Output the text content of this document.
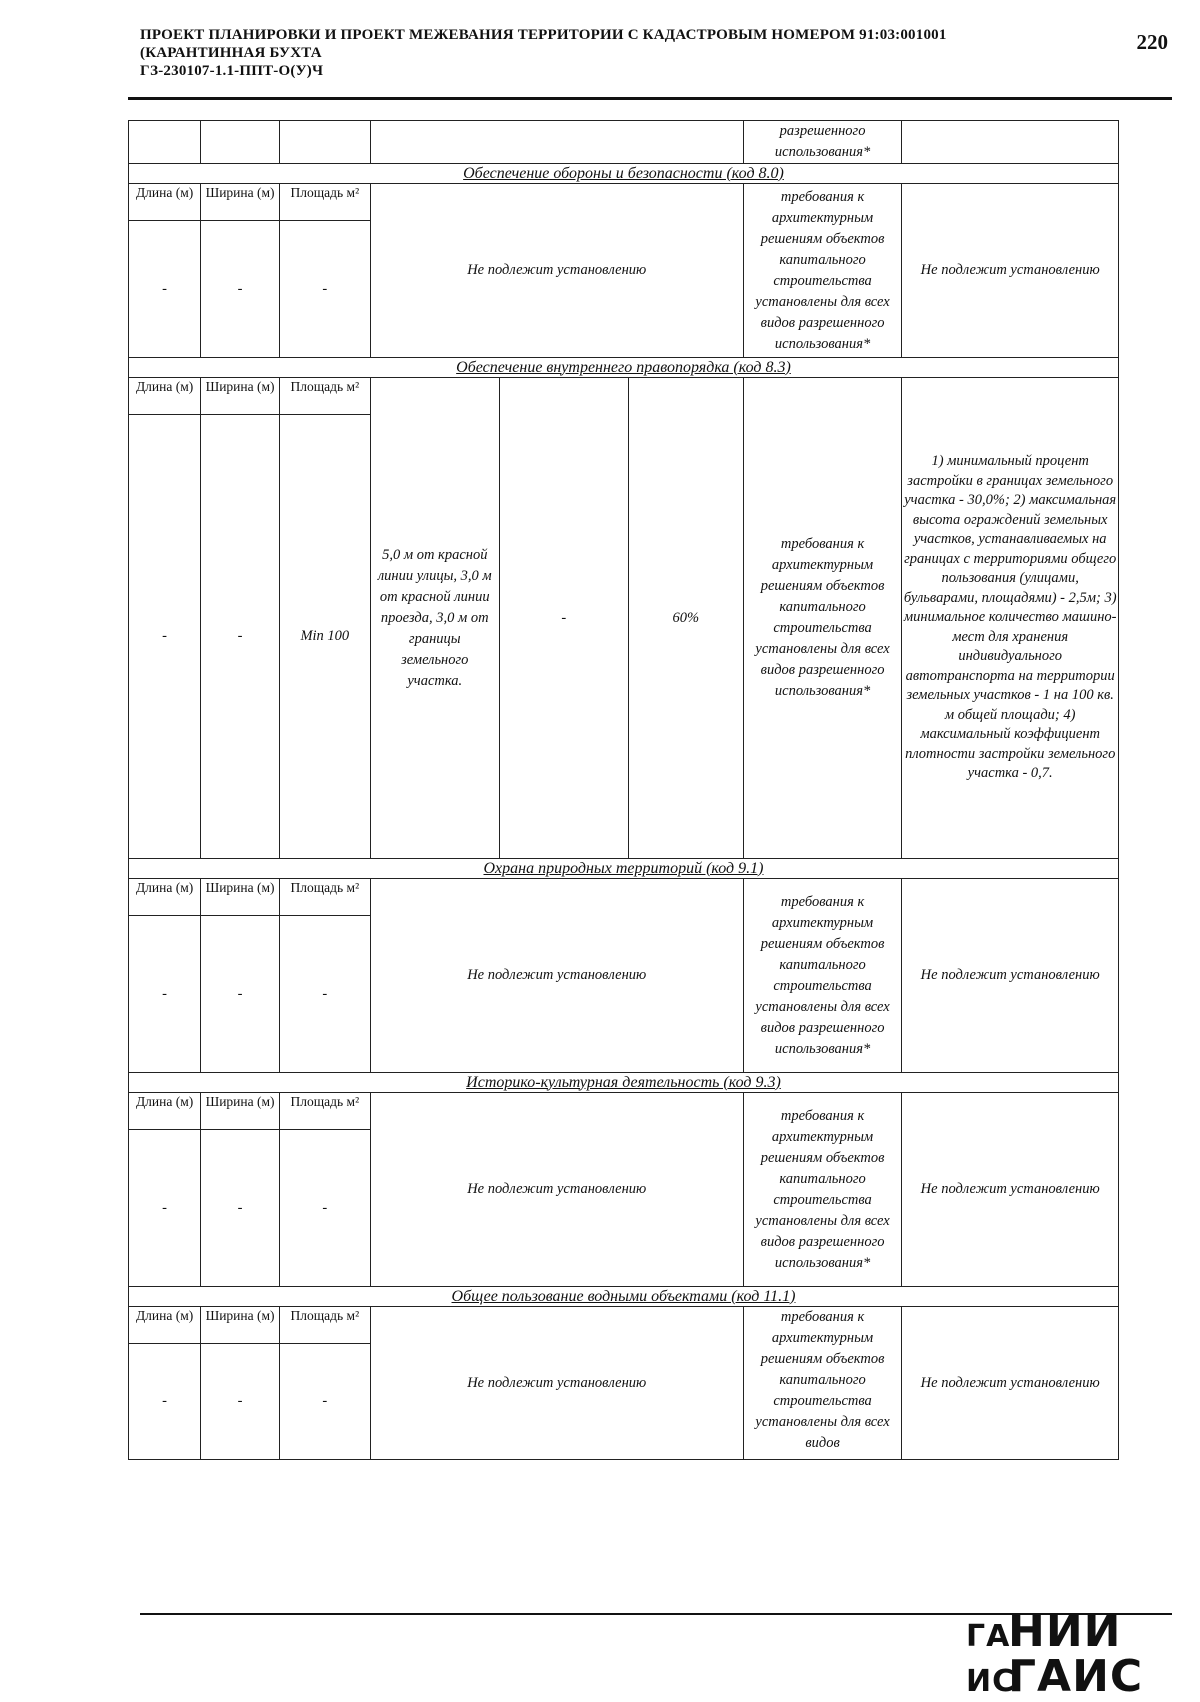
ПРОЕКТ ПЛАНИРОВКИ И ПРОЕКТ МЕЖЕВАНИЯ ТЕРРИТОРИИ С КАДАСТРОВЫМ НОМЕРОМ 91:03:001001
(КАРАНТИННАЯ БУХТА
ГЗ-230107-1.1-ППТ-О(У)Ч
220
						разрешенного использования*	
Обеспечение обороны и безопасности (код 8.0)							
Длина (м)	Ширина (м)	Площадь м²	Не подлежит установлению			требования к архитектурным решениям объектов капитального строительства установлены для всех видов разрешенного использования*	Не подлежит установлению
-	-	-					
Обеспечение внутреннего правопорядка (код 8.3)							
Длина (м)	Ширина (м)	Площадь м²	5,0 м от красной линии улицы, 3,0 м от красной линии проезда, 3,0 м от границы земельного участка.	-	60%	требования к архитектурным решениям объектов капитального строительства установлены для всех видов разрешенного использования*	1) минимальный процент застройки в границах земельного участка - 30,0%; 2) максимальная высота ограждений земельных участков, устанавливаемых на границах с территориями общего пользования (улицами, бульварами, площадями) - 2,5м; 3) минимальное количество машино-мест для хранения индивидуального автотранспорта на территории земельных участков - 1 на 100 кв. м общей площади; 4) максимальный коэффициент плотности застройки земельного участка - 0,7.
-	-	Min 100					
Охрана природных территорий (код 9.1)							
Длина (м)	Ширина (м)	Площадь м²	Не подлежит установлению			требования к архитектурным решениям объектов капитального строительства установлены для всех видов разрешенного использования*	Не подлежит установлению
-	-	-					
Историко-культурная деятельность (код 9.3)							
Длина (м)	Ширина (м)	Площадь м²	Не подлежит установлению			требования к архитектурным решениям объектов капитального строительства установлены для всех видов разрешенного использования*	Не подлежит установлению
-	-	-					
Общее пользование водными объектами (код 11.1)							
Длина (м)	Ширина (м)	Площадь м²	Не подлежит установлению			требования к архитектурным решениям объектов капитального строительства установлены для всех видов	Не подлежит установлению
-	-	-					
ГАНИИ
ИСГАИС
